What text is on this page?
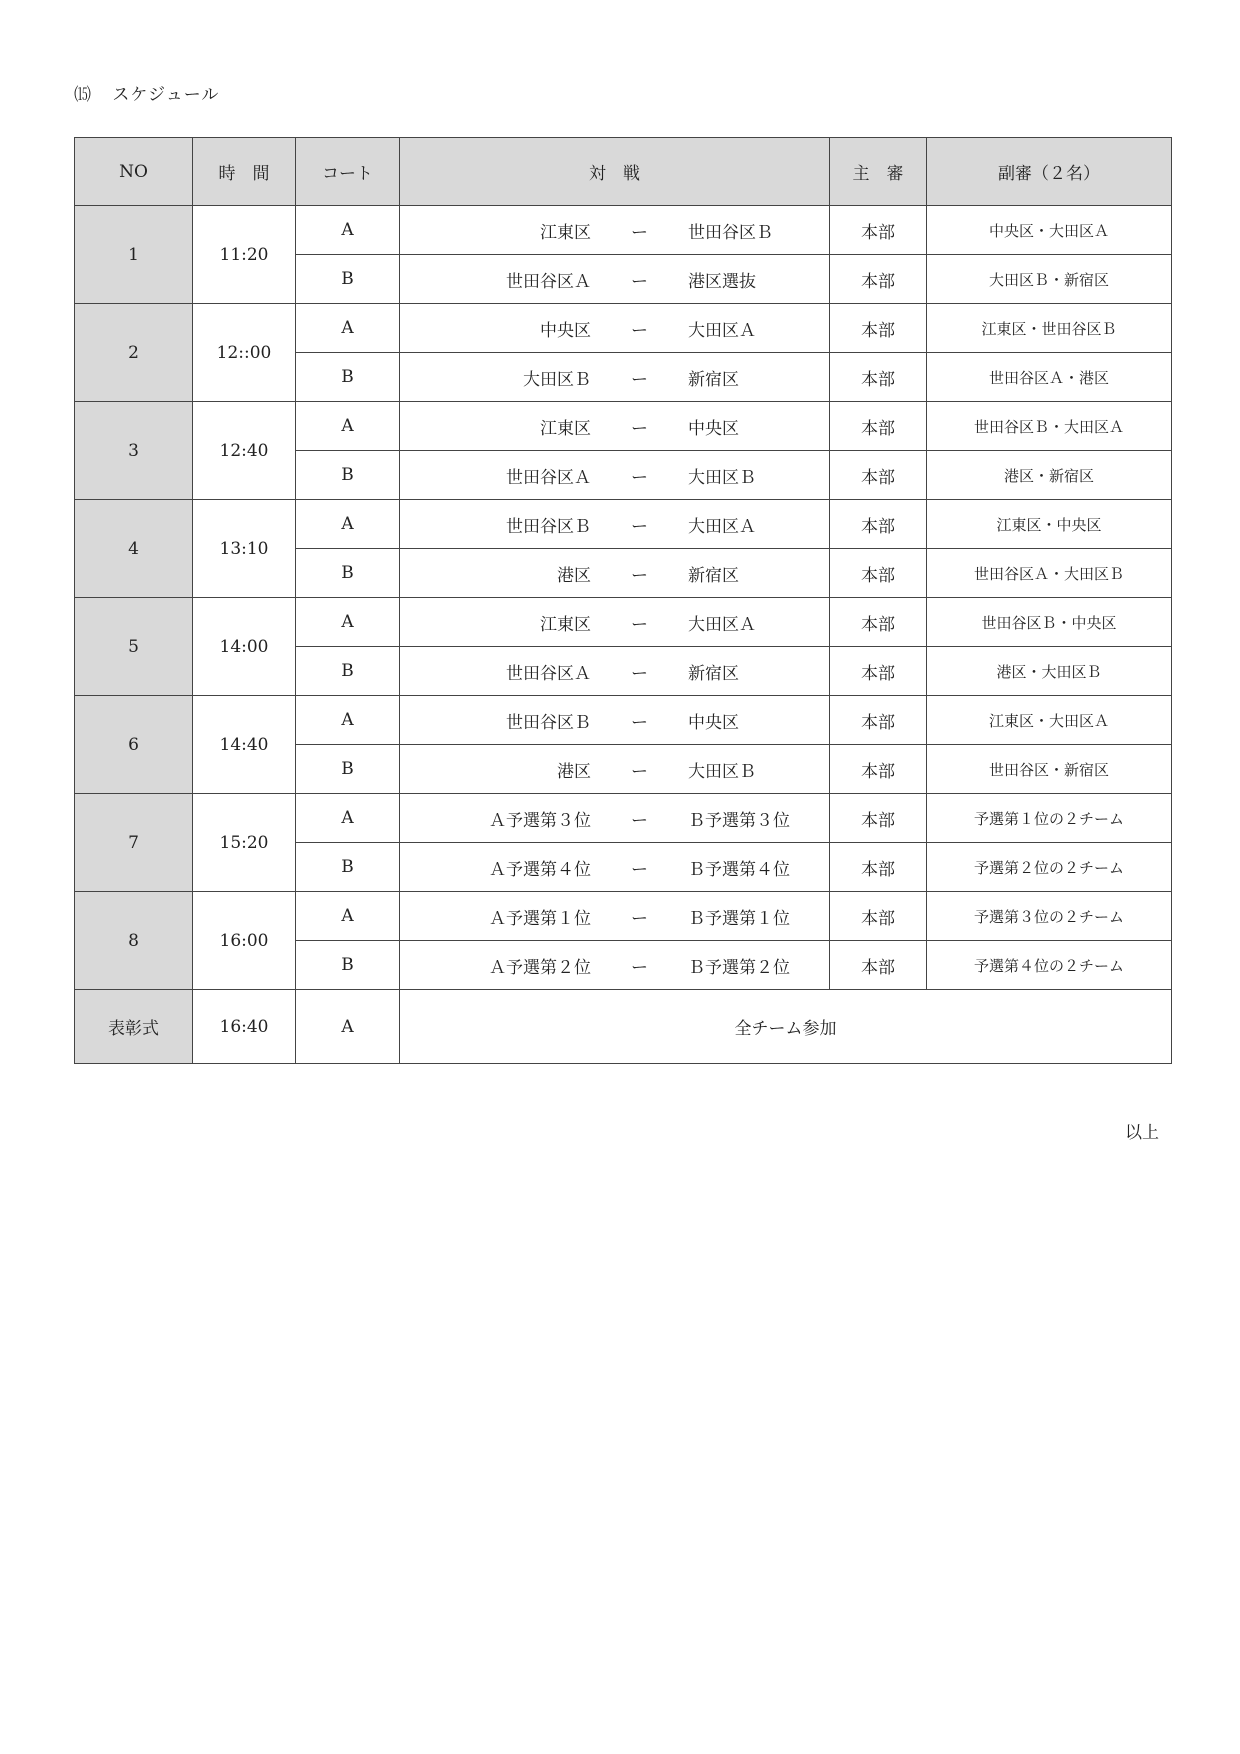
⒂ スケジュール
NO	時　間	コート	対　戦	主　審	副審（２名）
1	11:20	A	江東区 ー 世田谷区Ｂ	本部	中央区・大田区Ａ
		B	世田谷区Ａ ー 港区選抜	本部	大田区Ｂ・新宿区
2	12::00	A	中央区 ー 大田区Ａ	本部	江東区・世田谷区Ｂ
		B	大田区Ｂ ー 新宿区	本部	世田谷区Ａ・港区
3	12:40	A	江東区 ー 中央区	本部	世田谷区Ｂ・大田区Ａ
		B	世田谷区Ａ ー 大田区Ｂ	本部	港区・新宿区
4	13:10	A	世田谷区Ｂ ー 大田区Ａ	本部	江東区・中央区
		B	港区 ー 新宿区	本部	世田谷区Ａ・大田区Ｂ
5	14:00	A	江東区 ー 大田区Ａ	本部	世田谷区Ｂ・中央区
		B	世田谷区Ａ ー 新宿区	本部	港区・大田区Ｂ
6	14:40	A	世田谷区Ｂ ー 中央区	本部	江東区・大田区Ａ
		B	港区 ー 大田区Ｂ	本部	世田谷区・新宿区
7	15:20	A	Ａ予選第３位 ー Ｂ予選第３位	本部	予選第１位の２チーム
		B	Ａ予選第４位 ー Ｂ予選第４位	本部	予選第２位の２チーム
8	16:00	A	Ａ予選第１位 ー Ｂ予選第１位	本部	予選第３位の２チーム
		B	Ａ予選第２位 ー Ｂ予選第２位	本部	予選第４位の２チーム
表彰式	16:40	A	全チーム参加		
以上
